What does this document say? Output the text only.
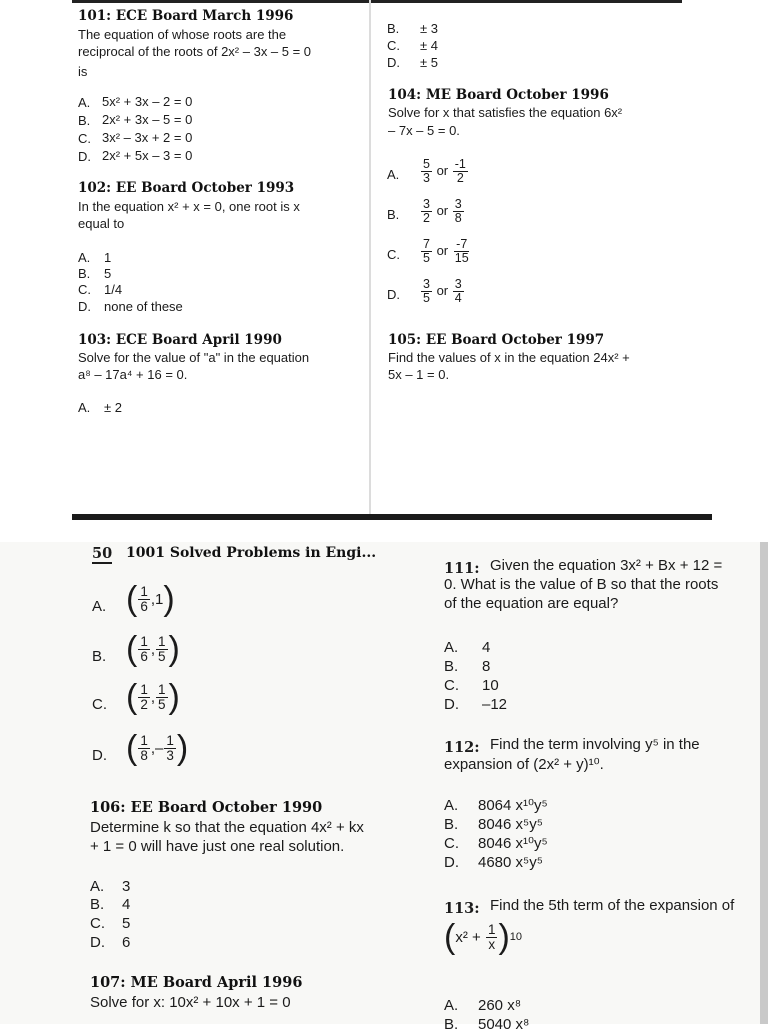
101: ECE Board March 1996
The equation of whose roots are the
reciprocal of the roots of 2x² – 3x – 5 = 0
is
A. 5x² + 3x – 2 = 0
B. 2x² + 3x – 5 = 0
C. 3x² – 3x + 2 = 0
D. 2x² + 5x – 3 = 0
102: EE Board October 1993
In the equation x² + x = 0, one root is x
equal to
A. 1
B. 5
C. 1/4
D. none of these
103: ECE Board April 1990
Solve for the value of "a" in the equation
a⁸ – 17a⁴ + 16 = 0.
A. ± 2
B. ± 3
C. ± 4
D. ± 5
104: ME Board October 1996
Solve for x that satisfies the equation 6x²
– 7x – 5 = 0.
A. $\frac{5}{3}$ or $\frac{-1}{2}$
B. $\frac{3}{2}$ or $\frac{3}{8}$
C. $\frac{7}{5}$ or $\frac{-7}{15}$
D. $\frac{3}{5}$ or $\frac{3}{4}$
105: EE Board October 1997
Find the values of x in the equation 24x² +
5x – 1 = 0.
50 1001 Solved Problems in Engi...
A. ( $\frac{1}{6}$ , 1 )
B. ( $\frac{1}{6}$ , $\frac{1}{5}$ )
C. ( $\frac{1}{2}$ , $\frac{1}{5}$ )
D. ( $\frac{1}{8}$ ,– $\frac{1}{3}$ )
106: EE Board October 1990
Determine k so that the equation 4x² + kx
+ 1 = 0 will have just one real solution.
A. 3
B. 4
C. 5
D. 6
107: ME Board April 1996
Solve for x: 10x² + 10x + 1 = 0
111: Given the equation 3x² + Bx + 12 =
0. What is the value of B so that the roots
of the equation are equal?
A. 4
B. 8
C. 10
D. –12
112: Find the term involving y⁵ in the
expansion of (2x² + y)¹⁰.
A. 8064 x¹⁰y⁵
B. 8046 x⁵y⁵
C. 8046 x¹⁰y⁵
D. 4680 x⁵y⁵
113: Find the 5th term of the expansion of
( x²
+
$\frac{1}{x}$ ) 10
A. 260 x⁸
B. 5040 x⁸
